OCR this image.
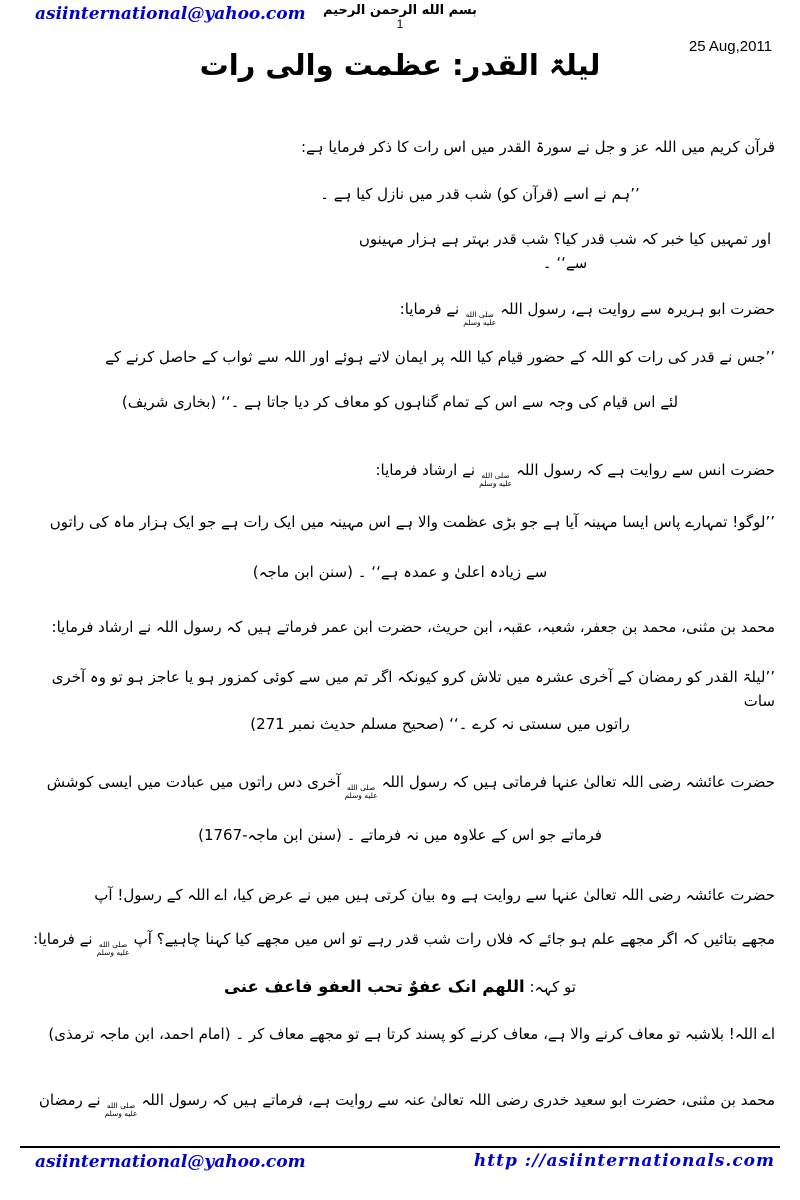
asiinternational@yahoo.com	بسم الله الرحمن الرحيم
1
25 Aug,2011
لیلۃ القدر: عظمت والی رات
قرآن کریم میں اللہ عز و جل نے سورۃ القدر میں اس رات کا ذکر فرمایا ہے:
’’ہم نے اسے (قرآن کو) شب قدر میں نازل کیا ہے ۔
اور تمہیں کیا خبر کہ شب قدر کیا؟ شب قدر بہتر ہے ہزار مہینوں سے‘‘ ۔
حضرت ابو ہریرہ سے روایت ہے، رسول اللہ
صلى الله
عليه وسلم
نے فرمایا:
’’جس نے قدر کی رات کو اللہ کے حضور قیام کیا اللہ پر ایمان لاتے ہوئے اور اللہ سے ثواب کے حاصل کرنے کے
لئے اس قیام کی وجہ سے اس کے تمام گناہوں کو معاف کر دیا جاتا ہے ۔‘‘ (بخاری شریف)
حضرت انس سے روایت ہے کہ رسول اللہ
صلى الله
عليه وسلم
نے ارشاد فرمایا:
’’لوگو! تمہارے پاس ایسا مہینہ آیا ہے جو بڑی عظمت والا ہے اس مہینہ میں ایک رات ہے جو ایک ہزار ماہ کی راتوں
سے زیادہ اعلیٰ و عمدہ ہے‘‘ ۔ (سنن ابن ماجہ)
محمد بن مثنی، محمد بن جعفر، شعبہ، عقبہ، ابن حریث، حضرت ابن عمر فرماتے ہیں کہ رسول اللہ نے ارشاد فرمایا:
’’لیلۃ القدر کو رمضان کے آخری عشرہ میں تلاش کرو کیونکہ اگر تم میں سے کوئی کمزور ہو یا عاجز ہو تو وہ آخری سات
راتوں میں سستی نہ کرے ۔‘‘ (صحیح مسلم حدیث نمبر 271)
حضرت عائشہ رضی اللہ تعالیٰ عنہا فرماتی ہیں کہ رسول اللہ
صلى الله
عليه وسلم
آخری دس راتوں میں عبادت میں ایسی کوشش
فرماتے جو اس کے علاوہ میں نہ فرماتے ۔ (سنن ابن ماجہ-‏1767)
حضرت عائشہ رضی اللہ تعالیٰ عنہا سے روایت ہے وہ بیان کرتی ہیں میں نے عرض کیا، اے اللہ کے رسول! آپ
مجھے بتائیں کہ اگر مجھے علم ہو جائے کہ فلاں رات شب قدر رہے تو اس میں مجھے کیا کہنا چاہیے؟ آپ
صلى الله
عليه وسلم
نے فرمایا:
تو کہہ: اللهم انک عفوٌ تحب العفو فاعف عنی
اے اللہ! بلاشبہ تو معاف کرنے والا ہے، معاف کرنے کو پسند کرتا ہے تو مجھے معاف کر ۔ (امام احمد، ابن ماجہ ترمذی)
محمد بن مثنی، حضرت ابو سعید خدری رضی اللہ تعالیٰ عنہ سے روایت ہے، فرماتے ہیں کہ رسول اللہ
صلى الله
عليه وسلم
نے رمضان
asiinternational@yahoo.com	http ://asiinternationals.com
